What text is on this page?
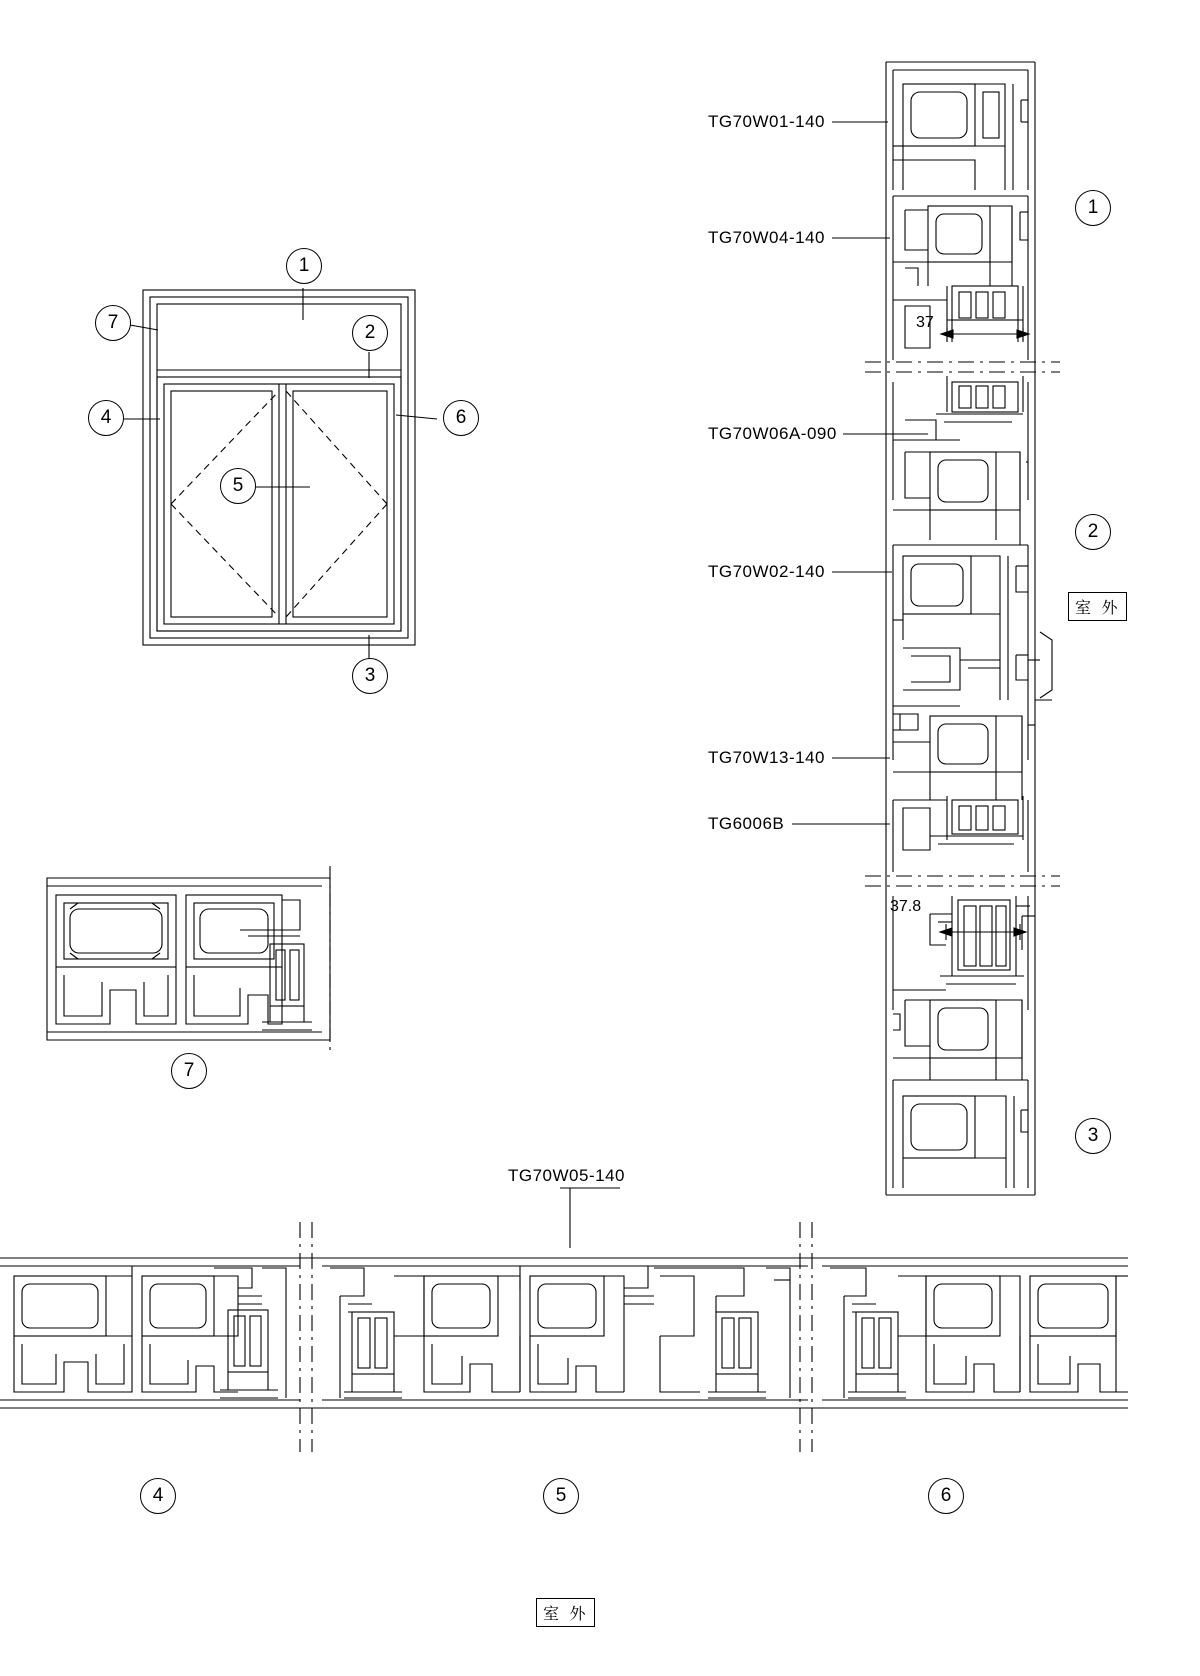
TG70W01-140
TG70W04-140
TG70W06A-090
TG70W02-140
TG70W13-140
TG6006B
TG70W05-140
37
37.8
室 外
室 外
1
2
3
4
5
6
7
7
1
2
3
4	5	6
